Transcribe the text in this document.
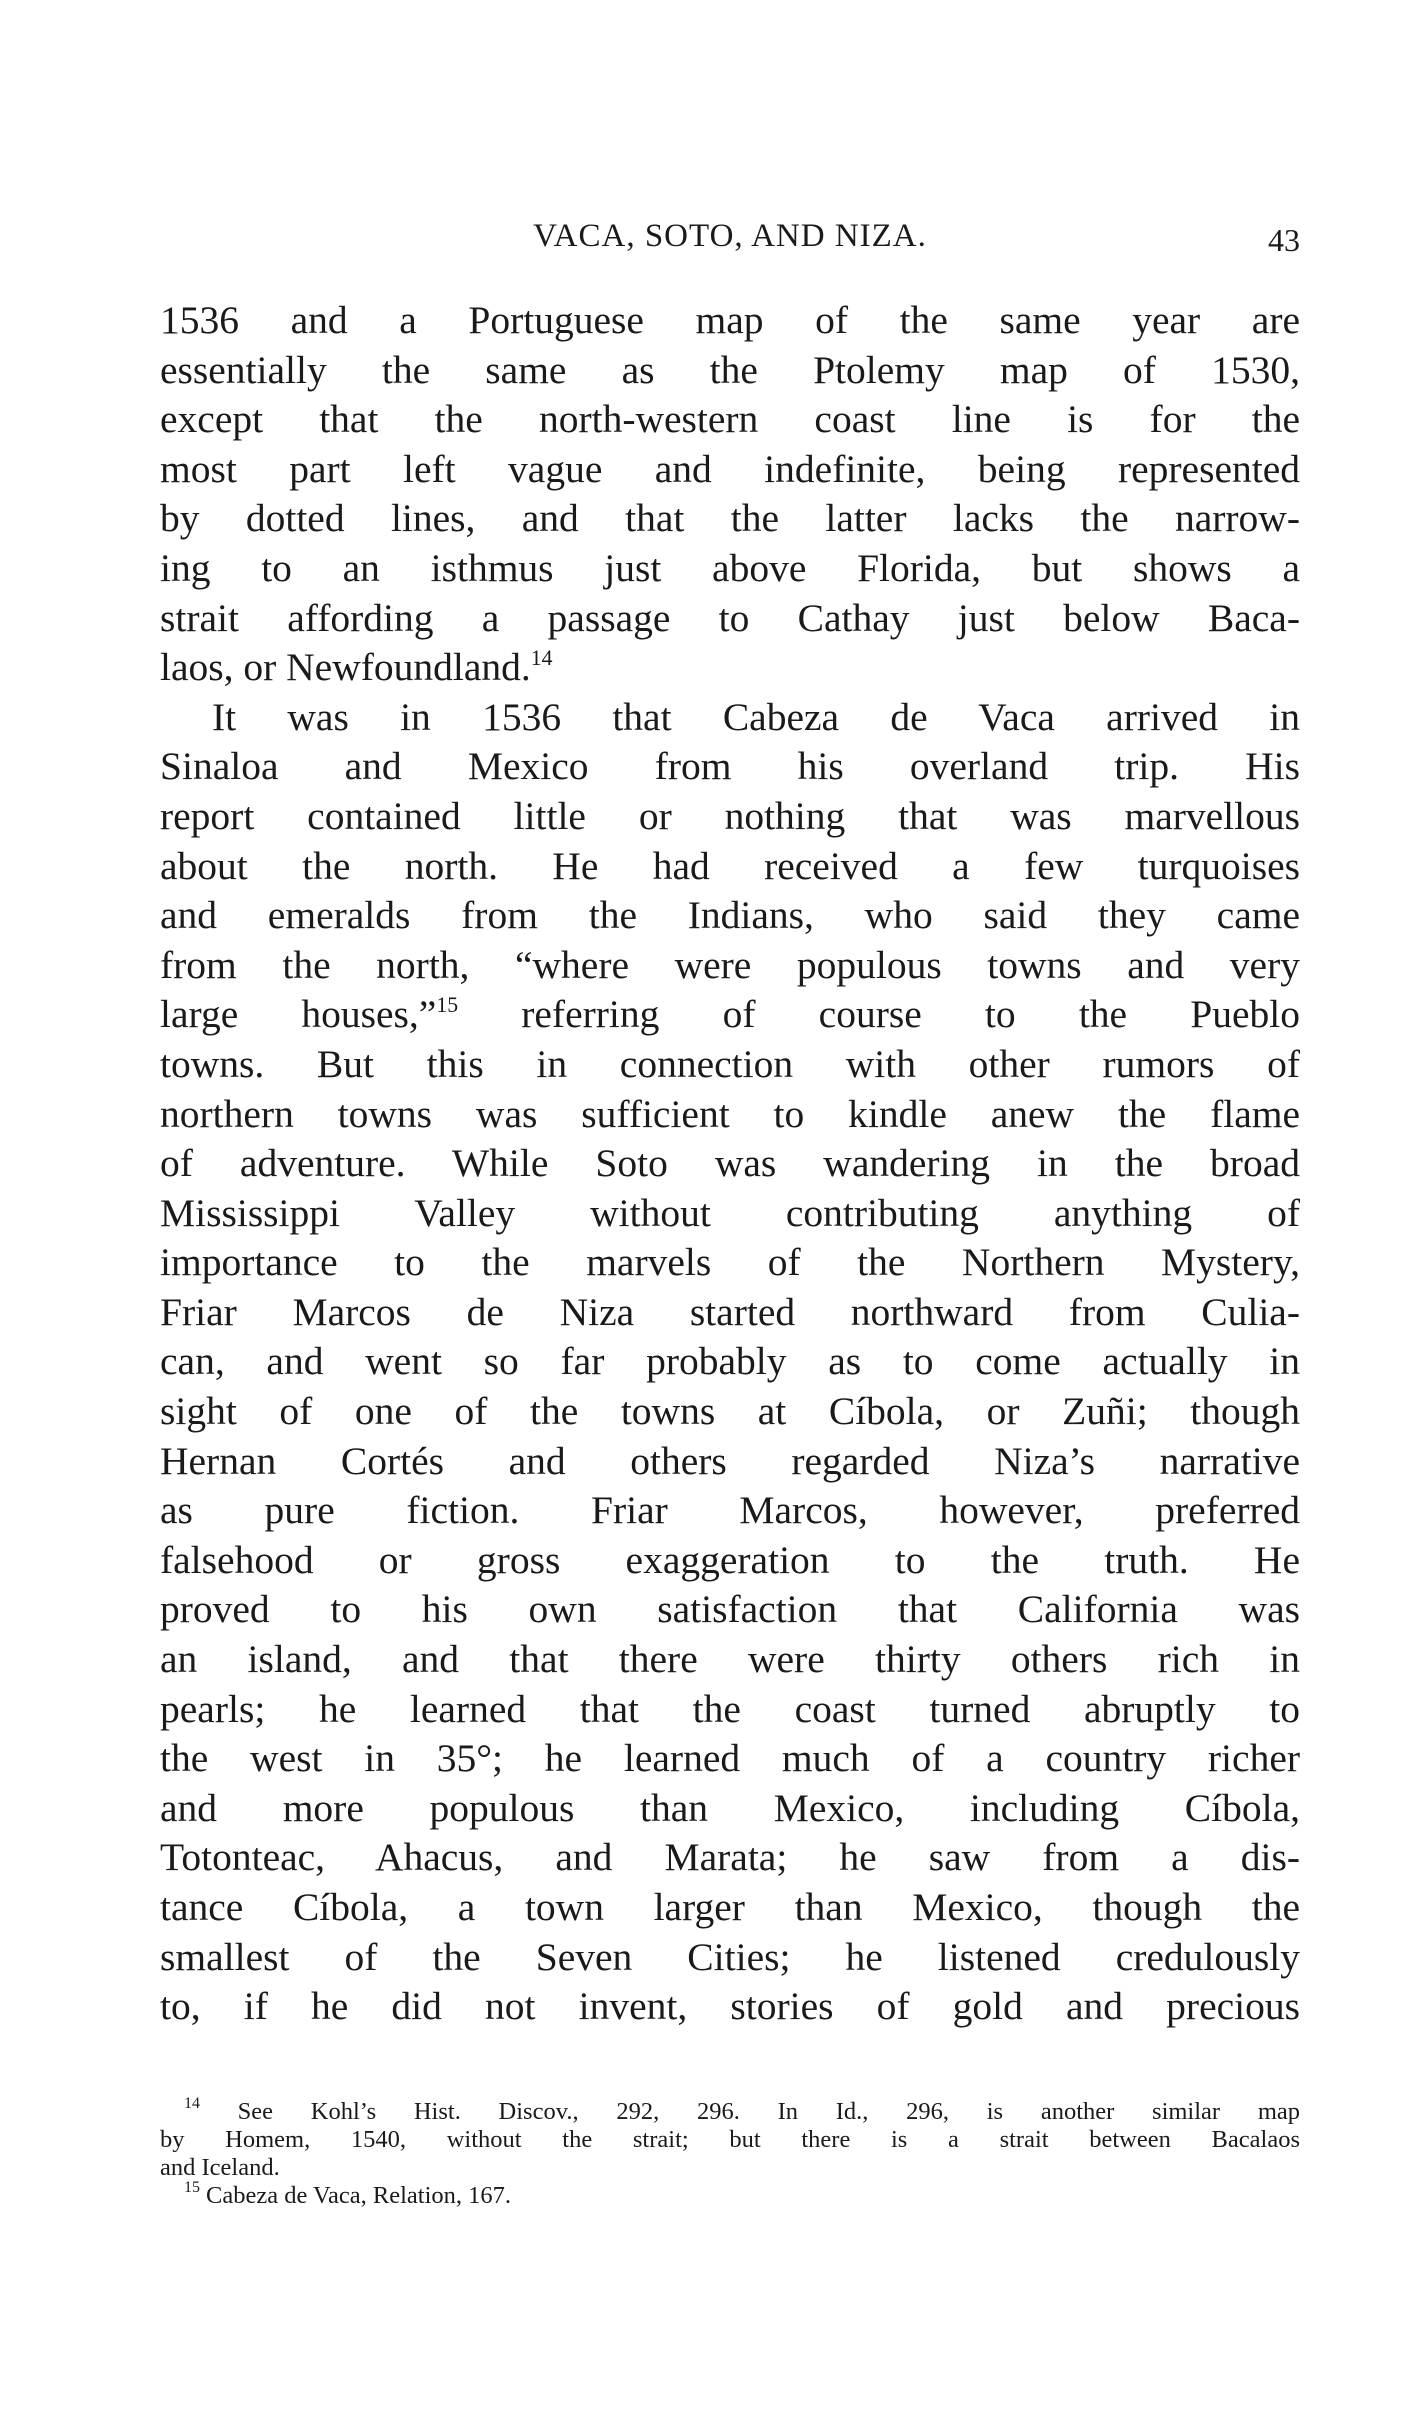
VACA, SOTO, AND NIZA.	43
1536 and a Portuguese map of the same year are
essentially the same as the Ptolemy map of 1530,
except that the north-western coast line is for the
most part left vague and indefinite, being represented
by dotted lines, and that the latter lacks the narrow-
ing to an isthmus just above Florida, but shows a
strait affording a passage to Cathay just below Baca-
laos, or Newfoundland.$^{14}$
It was in 1536 that Cabeza de Vaca arrived in
Sinaloa and Mexico from his overland trip. His
report contained little or nothing that was marvellous
about the north. He had received a few turquoises
and emeralds from the Indians, who said they came
from the north, “where were populous towns and very
large houses,”$^{15}$ referring of course to the Pueblo
towns. But this in connection with other rumors of
northern towns was sufficient to kindle anew the flame
of adventure. While Soto was wandering in the broad
Mississippi Valley without contributing anything of
importance to the marvels of the Northern Mystery,
Friar Marcos de Niza started northward from Culia-
can, and went so far probably as to come actually in
sight of one of the towns at Cíbola, or Zuñi; though
Hernan Cortés and others regarded Niza’s narrative
as pure fiction. Friar Marcos, however, preferred
falsehood or gross exaggeration to the truth. He
proved to his own satisfaction that California was
an island, and that there were thirty others rich in
pearls; he learned that the coast turned abruptly to
the west in 35°; he learned much of a country richer
and more populous than Mexico, including Cíbola,
Totonteac, Ahacus, and Marata; he saw from a dis-
tance Cíbola, a town larger than Mexico, though the
smallest of the Seven Cities; he listened credulously
to, if he did not invent, stories of gold and precious
$^{14}$ See Kohl’s Hist. Discov., 292, 296. In Id., 296, is another similar map
by Homem, 1540, without the strait; but there is a strait between Bacalaos
and Iceland.
$^{15}$ Cabeza de Vaca, Relation, 167.
